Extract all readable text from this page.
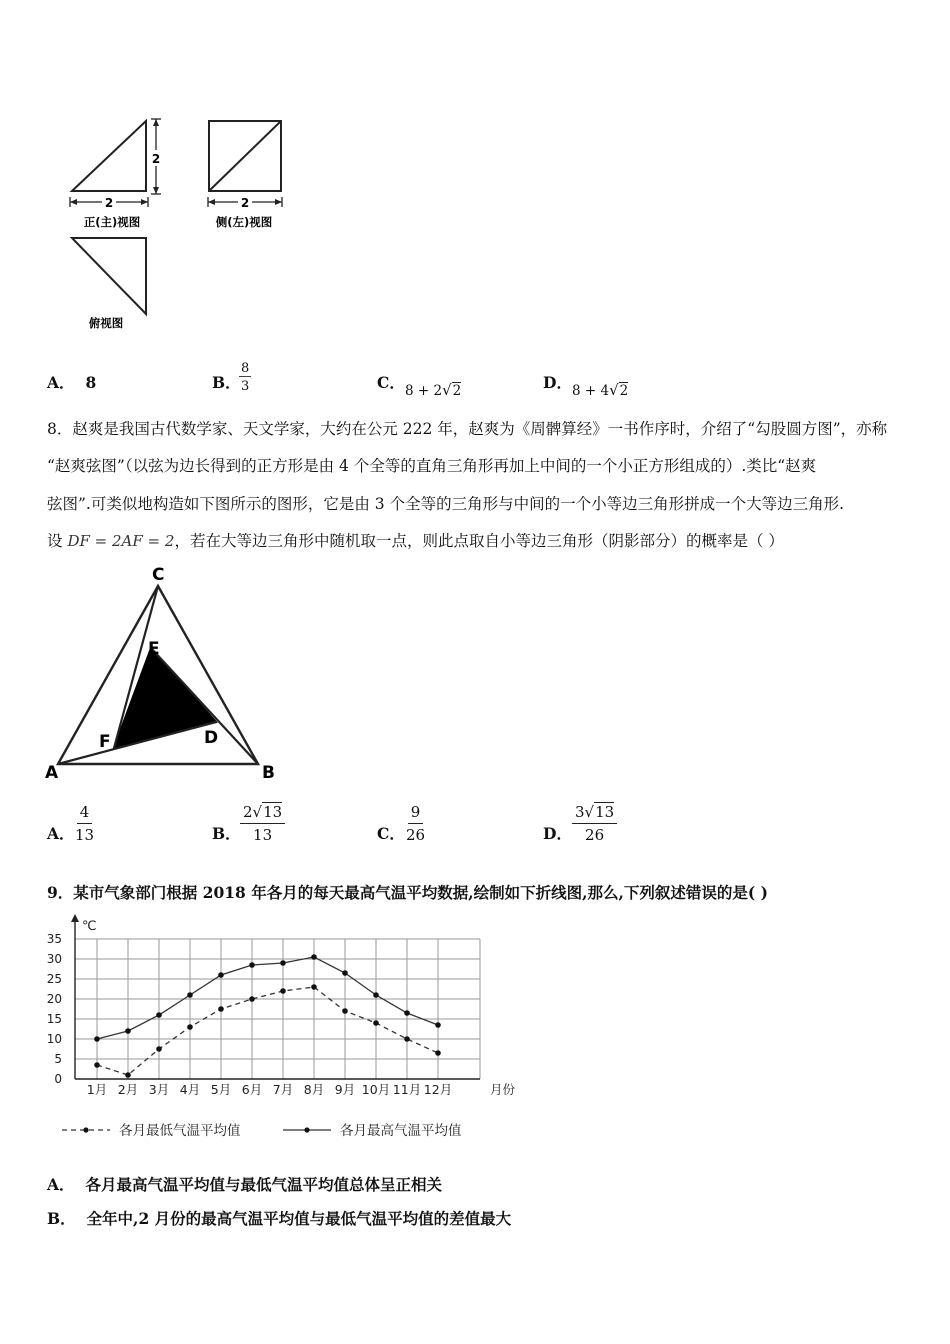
2
2
正(主)视图
2
侧(左)视图
俯视图
A． 8	B．
8
3	C． 8 + 2√2	D． 8 + 4√2
8．赵爽是我国古代数学家、天文学家，大约在公元 222 年，赵爽为《周髀算经》一书作序时，介绍了“勾股圆方图”，亦称
“赵爽弦图”（以弦为边长得到的正方形是由 4 个全等的直角三角形再加上中间的一个小正方形组成的）.类比“赵爽
弦图”.可类似地构造如下图所示的图形，它是由 3 个全等的三角形与中间的一个小等边三角形拼成一个大等边三角形.
设 DF = 2AF = 2，若在大等边三角形中随机取一点，则此点取自小等边三角形（阴影部分）的概率是（ ）
C
E
D
F
A	B
A． $\frac{4}{13}$	B． $\frac{2√13}{13}$	C． $\frac{9}{26}$	D． $\frac{3√13}{26}$
9．某市气象部门根据 2018 年各月的每天最高气温平均数据,绘制如下折线图,那么,下列叙述错误的是( )
0
5
10
15
20
25
30
35
℃
1月 2月 3月 4月 5月 6月 7月 8月 9月 10月 11月 12月	月份
各月最低气温平均值	各月最高气温平均值
A． 各月最高气温平均值与最低气温平均值总体呈正相关
B． 全年中,2 月份的最高气温平均值与最低气温平均值的差值最大
